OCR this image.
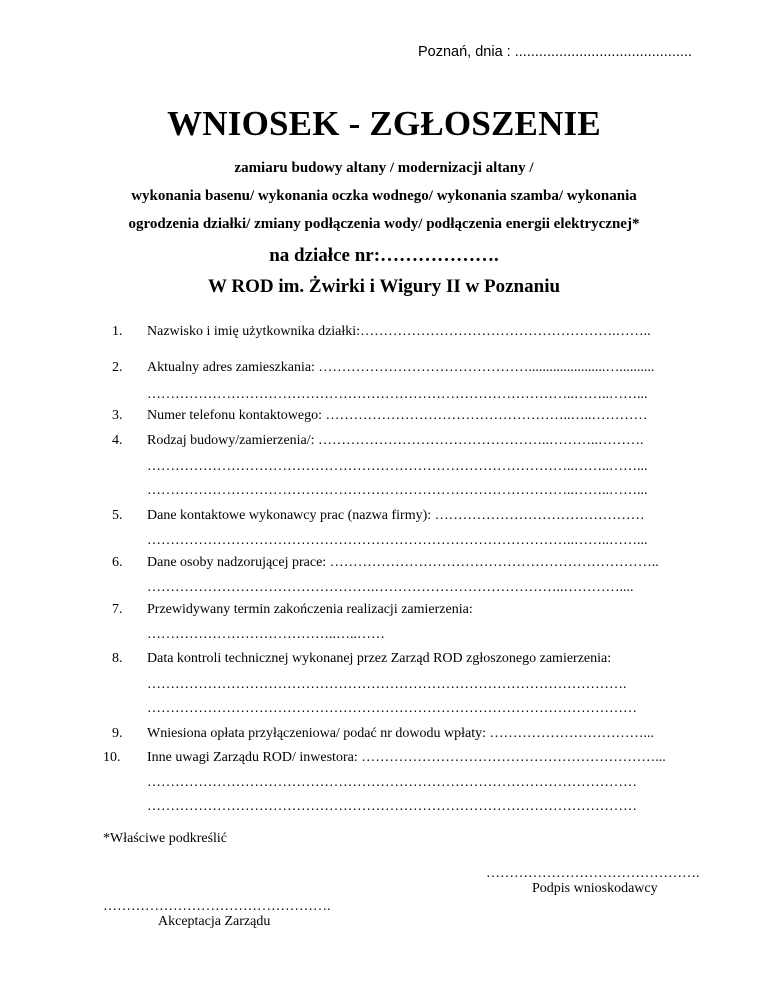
Poznań, dnia : ............................................
WNIOSEK - ZGŁOSZENIE
zamiaru budowy altany / modernizacji altany /
wykonania basenu/ wykonania oczka wodnego/ wykonania szamba/ wykonania
ogrodzenia działki/ zmiany podłączenia wody/ podłączenia energii elektrycznej*
na działce nr:……………….
W ROD im. Żwirki i Wigury II w Poznaniu
1. Nazwisko i imię użytkownika działki:……………………………………………….……..
2. Aktualny adres zamieszkania: ………………………………………......................…..........
………………………………………………………………………………..……..……...
3. Numer telefonu kontaktowego: ……………………………………………..…..…………
4. Rodzaj budowy/zamierzenia/: …………………………………………..………..……….
………………………………………………………………………………..……..……...
………………………………………………………………………………..……..……...
5. Dane kontaktowe wykonawcy prac (nazwa firmy): ………………………………………
………………………………………………………………………………..……..……...
6. Dane osoby nadzorującej prace: ……………………………………………………………..
………………………………………….…………………………………..…………....
7. Przewidywany termin zakończenia realizacji zamierzenia:
…………………………………..…..……
8. Data kontroli technicznej wykonanej przez Zarząd ROD zgłoszonego zamierzenia:
………………………………………………………………………………………….
……………………………………………………………………………………………
9. Wniesiona opłata przyłączeniowa/ podać nr dowodu wpłaty: ……………………………...
10. Inne uwagi Zarządu ROD/ inwestora: ………………………………………………………...
……………………………………………………………………………………………
……………………………………………………………………………………………
*Właściwe podkreślić
……………………………………….
Podpis wnioskodawcy
………………………………………….
Akceptacja Zarządu
